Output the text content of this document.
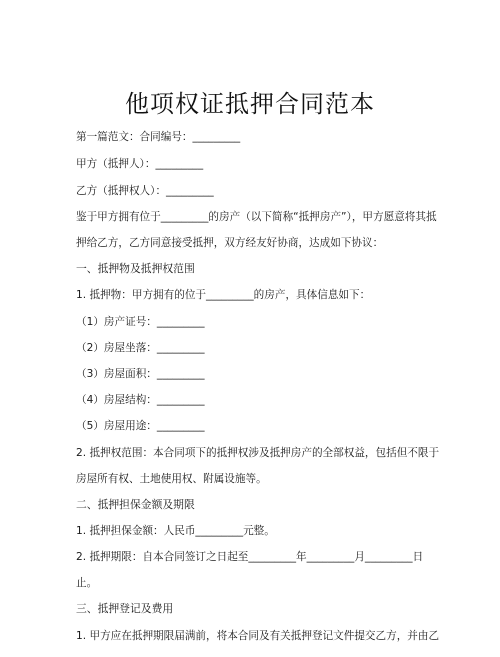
他项权证抵押合同范本
第一篇范文：合同编号：_________
甲方（抵押人）：_________
乙方（抵押权人）：_________
鉴于甲方拥有位于_________的房产（以下简称“抵押房产”），甲方愿意将其抵
押给乙方，乙方同意接受抵押，双方经友好协商，达成如下协议：
一、抵押物及抵押权范围
1. 抵押物：甲方拥有的位于_________的房产，具体信息如下：
（1）房产证号：_________
（2）房屋坐落：_________
（3）房屋面积：_________
（4）房屋结构：_________
（5）房屋用途：_________
2. 抵押权范围：本合同项下的抵押权涉及抵押房产的全部权益，包括但不限于
房屋所有权、土地使用权、附属设施等。
二、抵押担保金额及期限
1. 抵押担保金额：人民币_________元整。
2. 抵押期限：自本合同签订之日起至_________年_________月_________日
止。
三、抵押登记及费用
1. 甲方应在抵押期限届满前，将本合同及有关抵押登记文件提交乙方，并由乙
